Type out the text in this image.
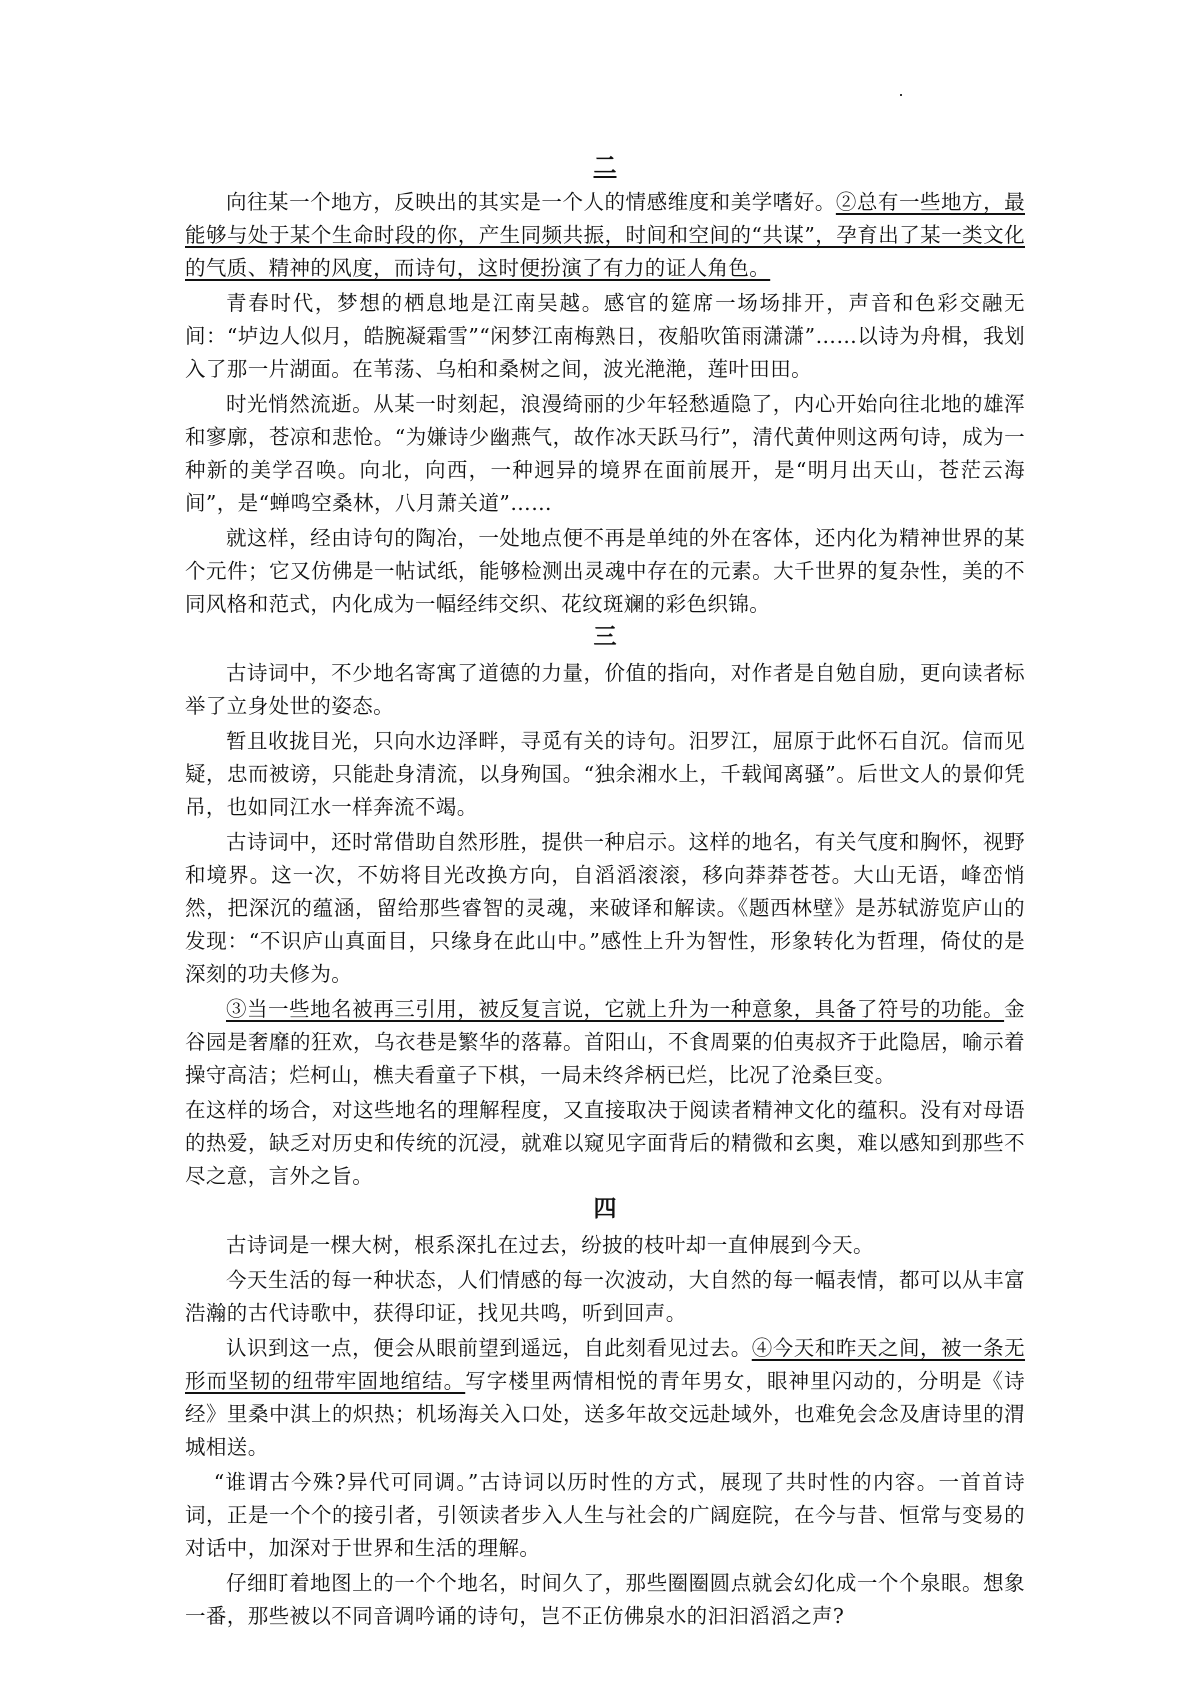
二

向往某一个地方，反映出的其实是一个人的情感维度和美学嗜好。②总有一些地方，最能够与处于某个生命时段的你，产生同频共振，时间和空间的“共谋”，孕育出了某一类文化的气质、精神的风度，而诗句，这时便扮演了有力的证人角色。

青春时代，梦想的栖息地是江南吴越。感官的筵席一场场排开，声音和色彩交融无间：“垆边人似月，皓腕凝霜雪”“闲梦江南梅熟日，夜船吹笛雨潇潇”……以诗为舟楫，我划入了那一片湖面。在苇荡、乌桕和桑树之间，波光滟滟，莲叶田田。

时光悄然流逝。从某一时刻起，浪漫绮丽的少年轻愁遁隐了，内心开始向往北地的雄浑和寥廓，苍凉和悲怆。“为嫌诗少幽燕气，故作冰天跃马行”，清代黄仲则这两句诗，成为一种新的美学召唤。向北，向西，一种迥异的境界在面前展开，是“明月出天山，苍茫云海间”，是“蝉鸣空桑林，八月萧关道”……

就这样，经由诗句的陶冶，一处地点便不再是单纯的外在客体，还内化为精神世界的某个元件；它又仿佛是一帖试纸，能够检测出灵魂中存在的元素。大千世界的复杂性，美的不同风格和范式，内化成为一幅经纬交织、花纹斑斓的彩色织锦。

三

古诗词中，不少地名寄寓了道德的力量，价值的指向，对作者是自勉自励，更向读者标举了立身处世的姿态。

暂且收拢目光，只向水边泽畔，寻觅有关的诗句。汨罗江，屈原于此怀石自沉。信而见疑，忠而被谤，只能赴身清流，以身殉国。“独余湘水上，千载闻离骚”。后世文人的景仰凭吊，也如同江水一样奔流不竭。

古诗词中，还时常借助自然形胜，提供一种启示。这样的地名，有关气度和胸怀，视野和境界。这一次，不妨将目光改换方向，自滔滔滚滚，移向莽莽苍苍。大山无语，峰峦悄然，把深沉的蕴涵，留给那些睿智的灵魂，来破译和解读。《题西林壁》是苏轼游览庐山的发现：“不识庐山真面目，只缘身在此山中。”感性上升为智性，形象转化为哲理，倚仗的是深刻的功夫修为。

③当一些地名被再三引用，被反复言说，它就上升为一种意象，具备了符号的功能。金谷园是奢靡的狂欢，乌衣巷是繁华的落幕。首阳山，不食周粟的伯夷叔齐于此隐居，喻示着操守高洁；烂柯山，樵夫看童子下棋，一局未终斧柄已烂，比况了沧桑巨变。

在这样的场合，对这些地名的理解程度，又直接取决于阅读者精神文化的蕴积。没有对母语的热爱，缺乏对历史和传统的沉浸，就难以窥见字面背后的精微和玄奥，难以感知到那些不尽之意，言外之旨。

四

古诗词是一棵大树，根系深扎在过去，纷披的枝叶却一直伸展到今天。

今天生活的每一种状态，人们情感的每一次波动，大自然的每一幅表情，都可以从丰富浩瀚的古代诗歌中，获得印证，找见共鸣，听到回声。

认识到这一点，便会从眼前望到遥远，自此刻看见过去。④今天和昨天之间，被一条无形而坚韧的纽带牢固地绾结。写字楼里两情相悦的青年男女，眼神里闪动的，分明是《诗经》里桑中淇上的炽热；机场海关入口处，送多年故交远赴域外，也难免会念及唐诗里的渭城相送。

“谁谓古今殊?异代可同调。”古诗词以历时性的方式，展现了共时性的内容。一首首诗词，正是一个个的接引者，引领读者步入人生与社会的广阔庭院，在今与昔、恒常与变易的对话中，加深对于世界和生活的理解。

仔细盯着地图上的一个个地名，时间久了，那些圈圈圆点就会幻化成一个个泉眼。想象一番，那些被以不同音调吟诵的诗句，岂不正仿佛泉水的汩汩滔滔之声?
